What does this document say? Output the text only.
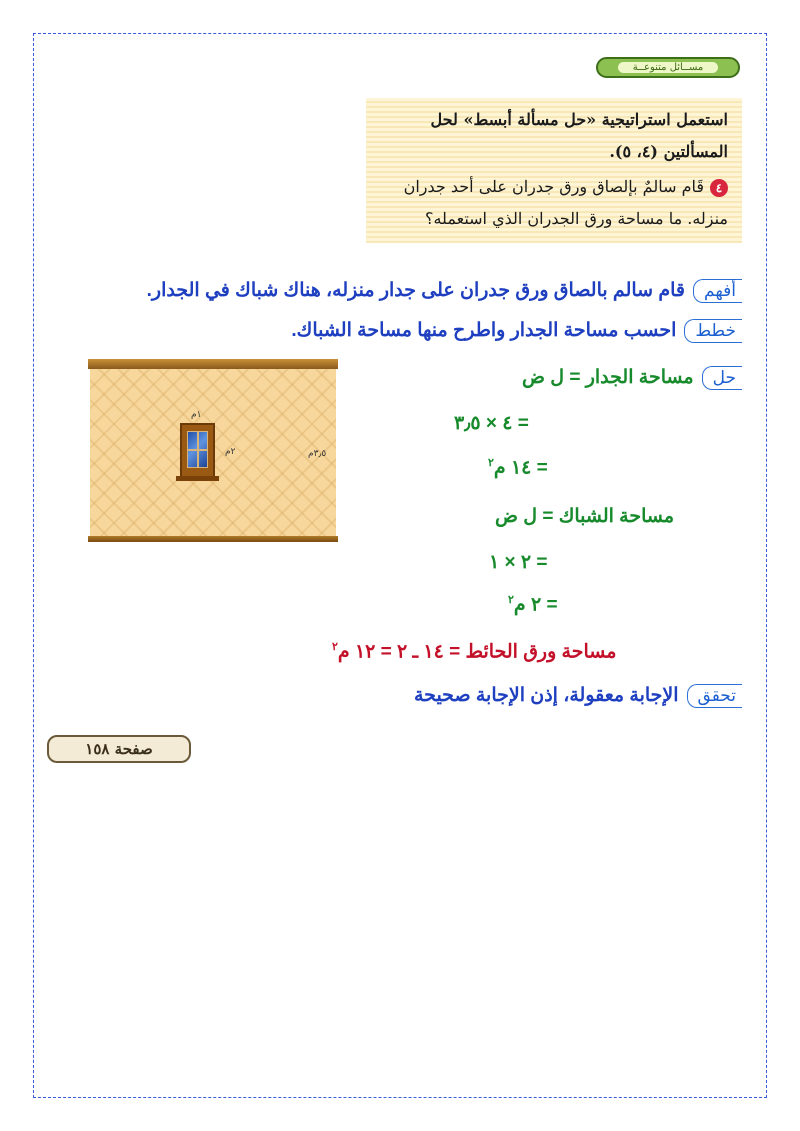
مســائل متنوعــة
استعمل استراتيجية «حل مسألة أبسط» لحل
المسألتين (٤، ٥).
٤قَام سالمٌ بإلصاق ورق جدران على أحد جدران
منزله. ما مساحة ورق الجدران الذي استعمله؟
أفهمقام سالم بالصاق ورق جدران على جدار منزله، هناك شباك في الجدار.
خططاحسب مساحة الجدار واطرح منها مساحة الشباك.
حلمساحة الجدار = ل ض
= ٤ × ٣٫٥
= ١٤ م$^٢$
مساحة الشباك = ل ض
= ٢ × ١
= ٢ م$^٢$
مساحة ورق الحائط = ١٤ ـ ٢ = ١٢ م$^٢$
تحققالإجابة معقولة، إذن الإجابة صحيحة
١م
٢م	٣٫٥م
صفحة ١٥٨
